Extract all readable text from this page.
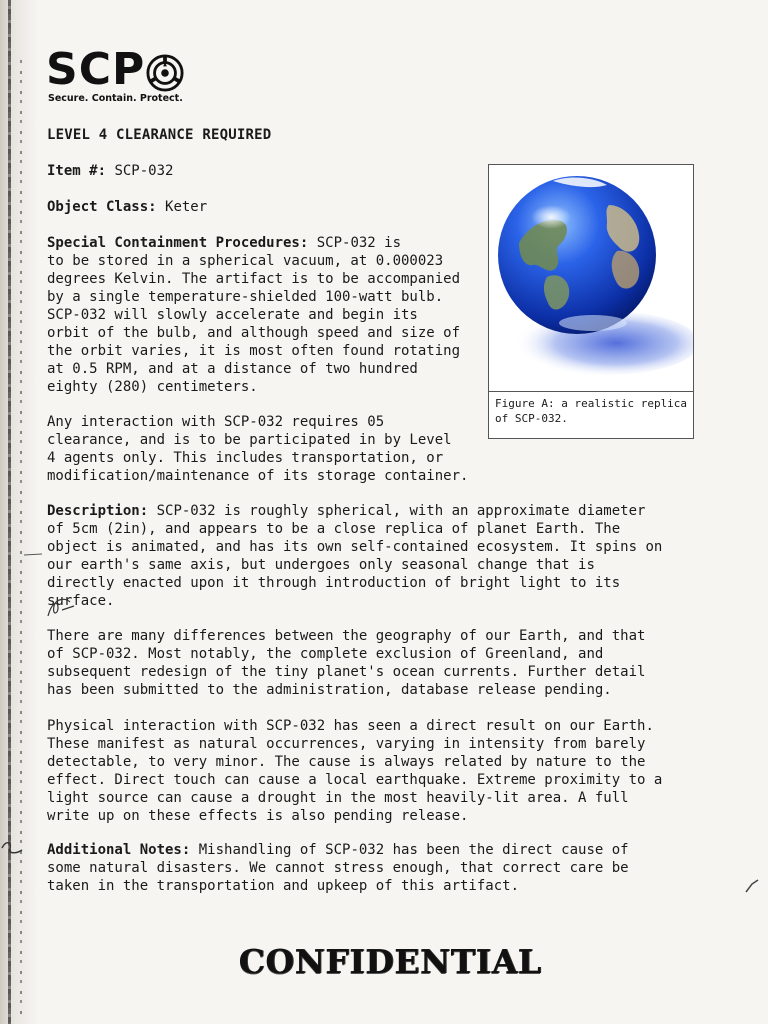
SCP
Secure. Contain. Protect.
LEVEL 4 CLEARANCE REQUIRED
Item #: SCP-032
Object Class: Keter
Special Containment Procedures: SCP-032 is
to be stored in a spherical vacuum, at 0.000023
degrees Kelvin. The artifact is to be accompanied
by a single temperature-shielded 100-watt bulb.
SCP-032 will slowly accelerate and begin its
orbit of the bulb, and although speed and size of
the orbit varies, it is most often found rotating
at 0.5 RPM, and at a distance of two hundred
eighty (280) centimeters.
Any interaction with SCP-032 requires 05
clearance, and is to be participated in by Level
4 agents only. This includes transportation, or
modification/maintenance of its storage container.
Figure A: a realistic replica of SCP-032.
Description: SCP-032 is roughly spherical, with an approximate diameter
of 5cm (2in), and appears to be a close replica of planet Earth. The
object is animated, and has its own self-contained ecosystem. It spins on
our earth's same axis, but undergoes only seasonal change that is
directly enacted upon it through introduction of bright light to its
surface.
There are many differences between the geography of our Earth, and that
of SCP-032. Most notably, the complete exclusion of Greenland, and
subsequent redesign of the tiny planet's ocean currents. Further detail
has been submitted to the administration, database release pending.
Physical interaction with SCP-032 has seen a direct result on our Earth.
These manifest as natural occurrences, varying in intensity from barely
detectable, to very minor. The cause is always related by nature to the
effect. Direct touch can cause a local earthquake. Extreme proximity to a
light source can cause a drought in the most heavily-lit area. A full
write up on these effects is also pending release.
Additional Notes: Mishandling of SCP-032 has been the direct cause of
some natural disasters. We cannot stress enough, that correct care be
taken in the transportation and upkeep of this artifact.
CONFIDENTIAL
